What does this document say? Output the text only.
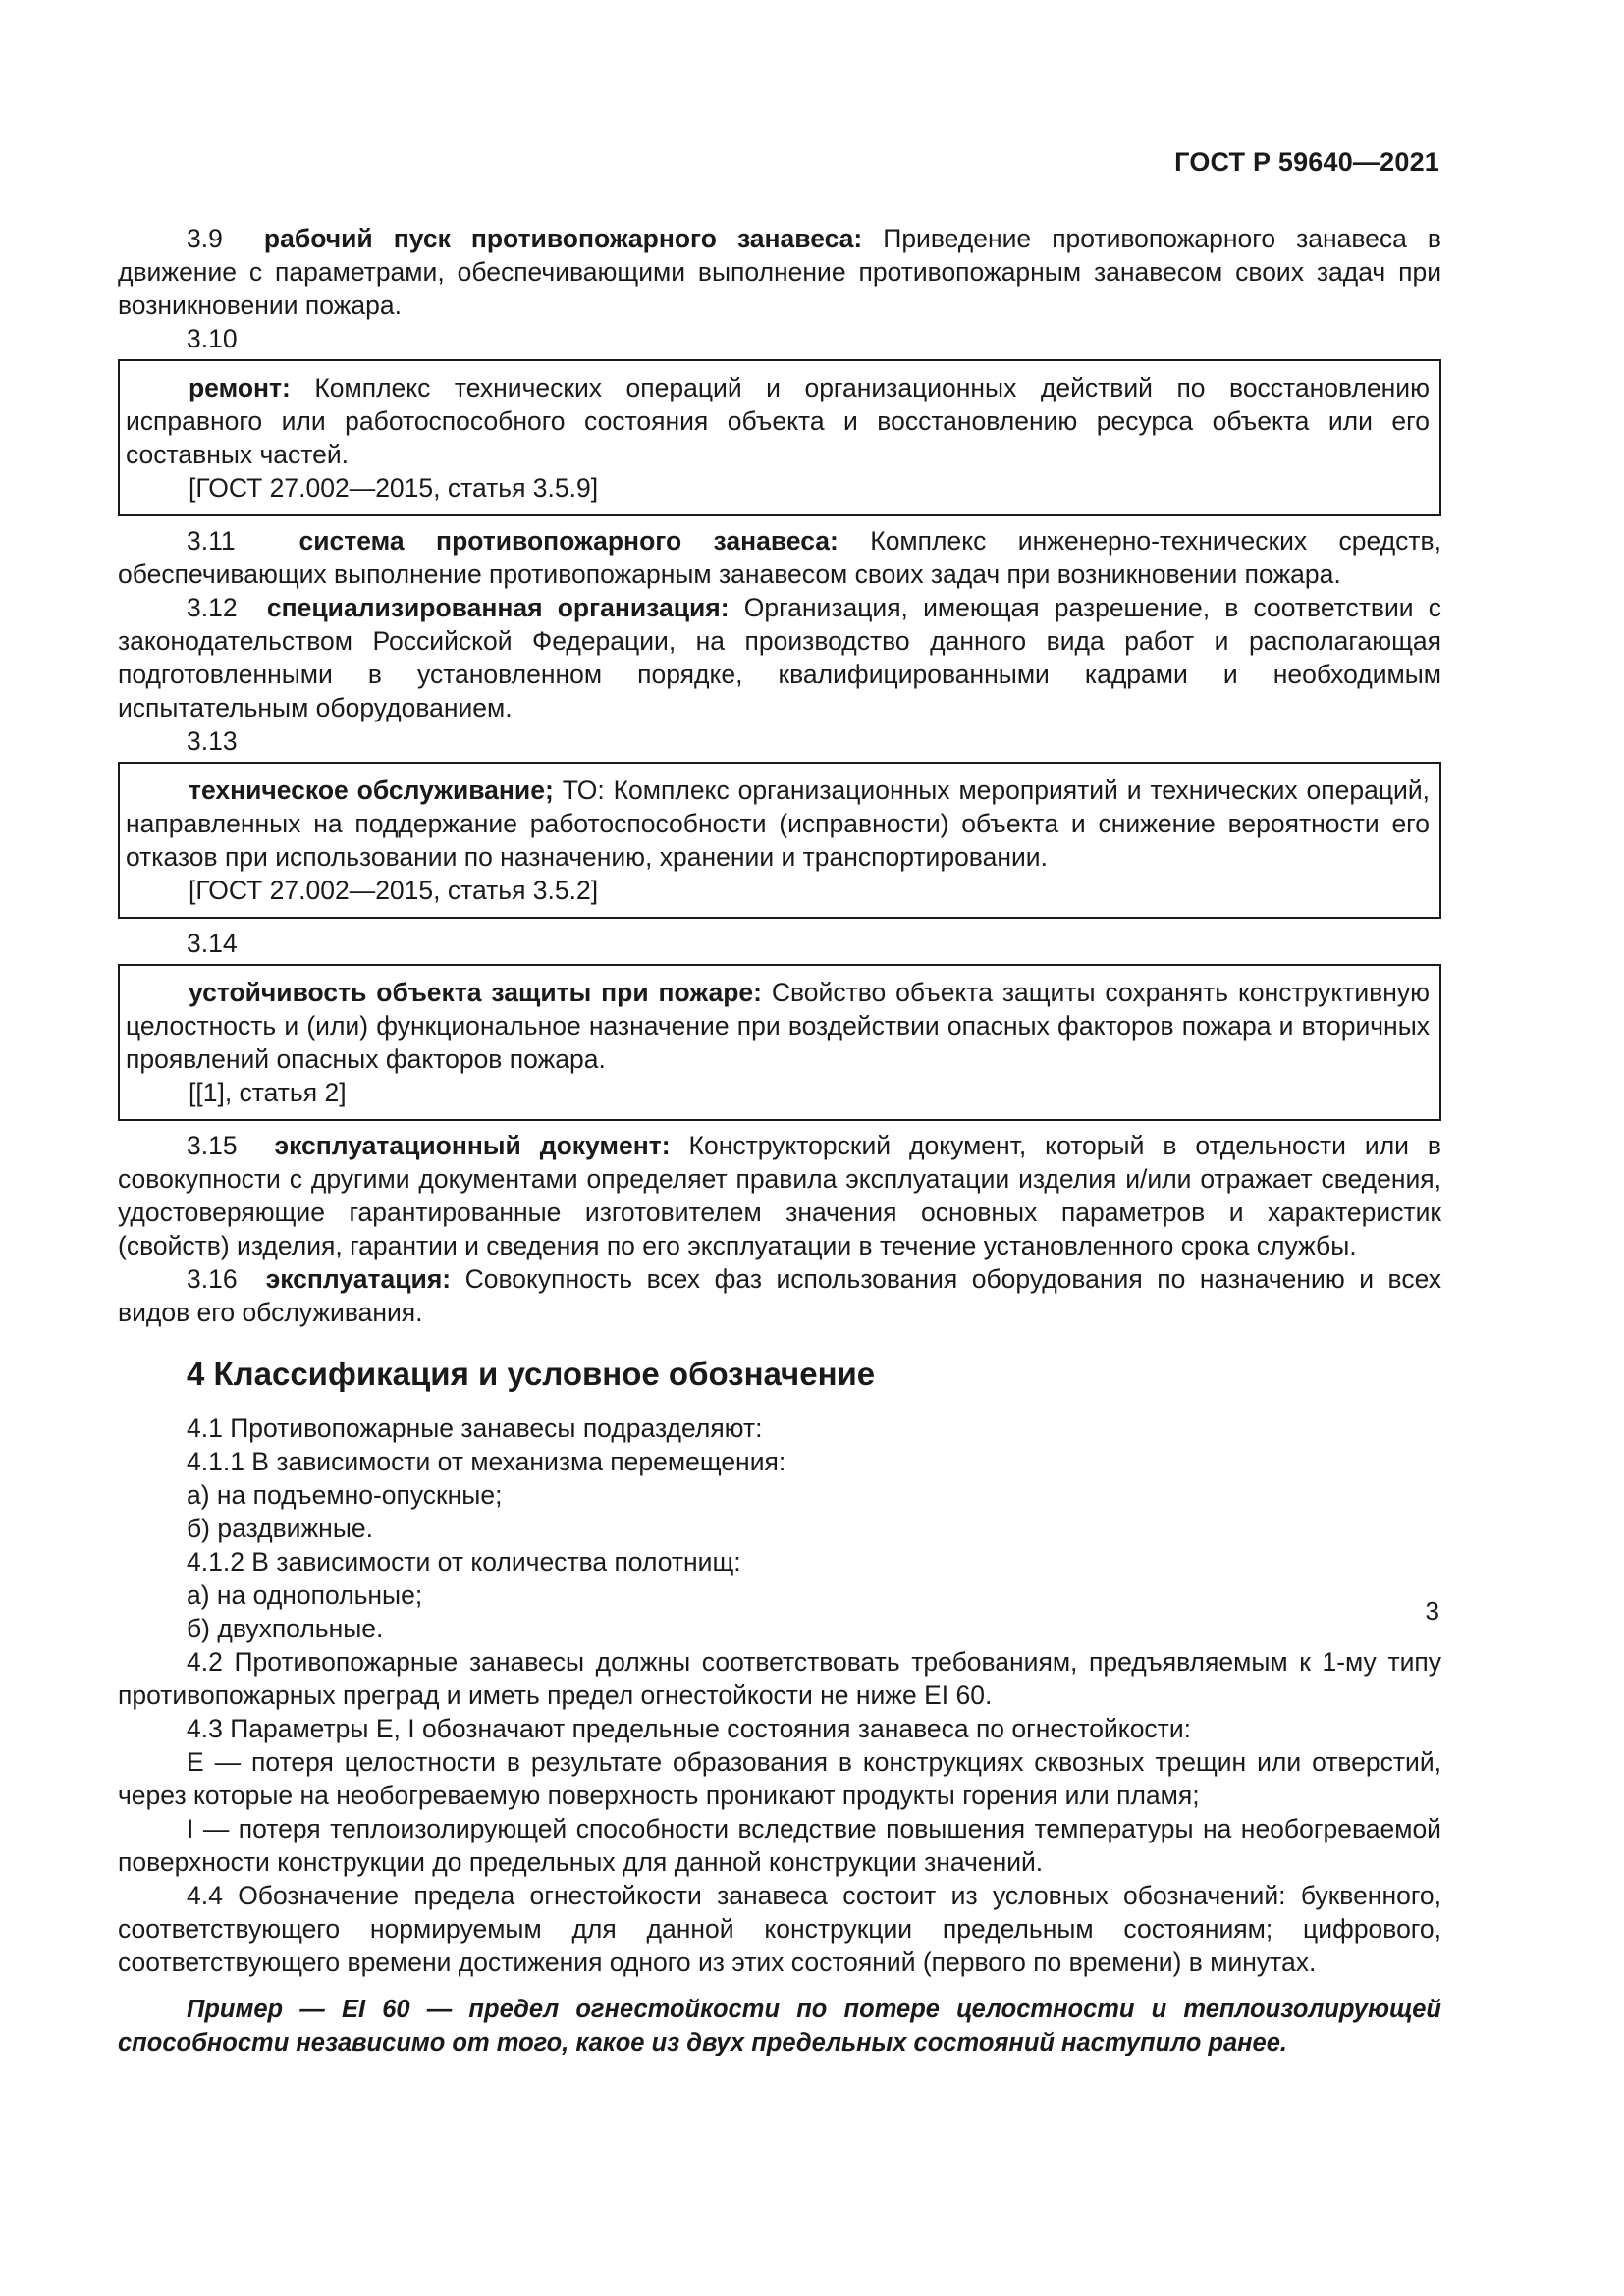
ГОСТ Р 59640—2021

3.9 рабочий пуск противопожарного занавеса: Приведение противопожарного занавеса в движение с параметрами, обеспечивающими выполнение противопожарным занавесом своих задач при возникновении пожара.

3.10

ремонт: Комплекс технических операций и организационных действий по восстановлению исправного или работоспособного состояния объекта и восстановлению ресурса объекта или его составных частей.

[ГОСТ 27.002—2015, статья 3.5.9]

3.11 система противопожарного занавеса: Комплекс инженерно-технических средств, обеспечивающих выполнение противопожарным занавесом своих задач при возникновении пожара.

3.12 специализированная организация: Организация, имеющая разрешение, в соответствии с законодательством Российской Федерации, на производство данного вида работ и располагающая подготовленными в установленном порядке, квалифицированными кадрами и необходимым испытательным оборудованием.

3.13

техническое обслуживание; ТО: Комплекс организационных мероприятий и технических операций, направленных на поддержание работоспособности (исправности) объекта и снижение вероятности его отказов при использовании по назначению, хранении и транспортировании.

[ГОСТ 27.002—2015, статья 3.5.2]

3.14

устойчивость объекта защиты при пожаре: Свойство объекта защиты сохранять конструктивную целостность и (или) функциональное назначение при воздействии опасных факторов пожара и вторичных проявлений опасных факторов пожара.

[[1], статья 2]

3.15 эксплуатационный документ: Конструкторский документ, который в отдельности или в совокупности с другими документами определяет правила эксплуатации изделия и/или отражает сведения, удостоверяющие гарантированные изготовителем значения основных параметров и характеристик (свойств) изделия, гарантии и сведения по его эксплуатации в течение установленного срока службы.

3.16 эксплуатация: Совокупность всех фаз использования оборудования по назначению и всех видов его обслуживания.

4 Классификация и условное обозначение

4.1 Противопожарные занавесы подразделяют:

4.1.1 В зависимости от механизма перемещения:

а) на подъемно-опускные;

б) раздвижные.

4.1.2 В зависимости от количества полотнищ:

а) на однопольные;

б) двухпольные.

4.2 Противопожарные занавесы должны соответствовать требованиям, предъявляемым к 1-му типу противопожарных преград и иметь предел огнестойкости не ниже EI 60.

4.3 Параметры E, I обозначают предельные состояния занавеса по огнестойкости:

E — потеря целостности в результате образования в конструкциях сквозных трещин или отверстий, через которые на необогреваемую поверхность проникают продукты горения или пламя;

I — потеря теплоизолирующей способности вследствие повышения температуры на необогреваемой поверхности конструкции до предельных для данной конструкции значений.

4.4 Обозначение предела огнестойкости занавеса состоит из условных обозначений: буквенного, соответствующего нормируемым для данной конструкции предельным состояниям; цифрового, соответствующего времени достижения одного из этих состояний (первого по времени) в минутах.

Пример — EI 60 — предел огнестойкости по потере целостности и теплоизолирующей способности независимо от того, какое из двух предельных состояний наступило ранее.

3
